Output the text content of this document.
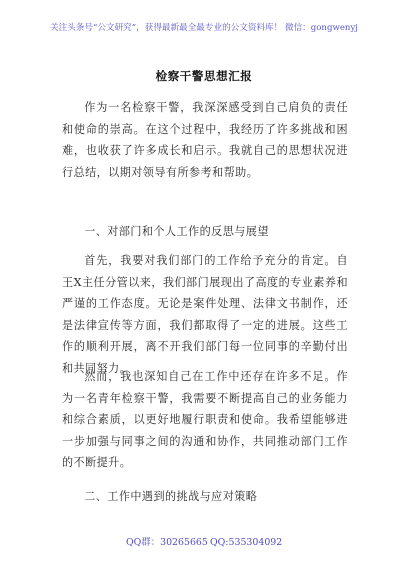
关注头条号“公文研究”，获得最新最全最专业的公文资料库！ 微信：gongwenyj
检察干警思想汇报

作为一名检察干警，我深深感受到自己肩负的责任和使命的崇高。在这个过程中，我经历了许多挑战和困难，也收获了许多成长和启示。我就自己的思想状况进行总结，以期对领导有所参考和帮助。

一、对部门和个人工作的反思与展望

首先，我要对我们部门的工作给予充分的肯定。自王X主任分管以来，我们部门展现出了高度的专业素养和严谨的工作态度。无论是案件处理、法律文书制作，还是法律宣传等方面，我们都取得了一定的进展。这些工作的顺利开展，离不开我们部门每一位同事的辛勤付出和共同努力。

然而，我也深知自己在工作中还存在许多不足。作为一名青年检察干警，我需要不断提高自己的业务能力和综合素质，以更好地履行职责和使命。我希望能够进一步加强与同事之间的沟通和协作，共同推动部门工作的不断提升。

二、工作中遇到的挑战与应对策略

QQ群：30265665 QQ:535304092
